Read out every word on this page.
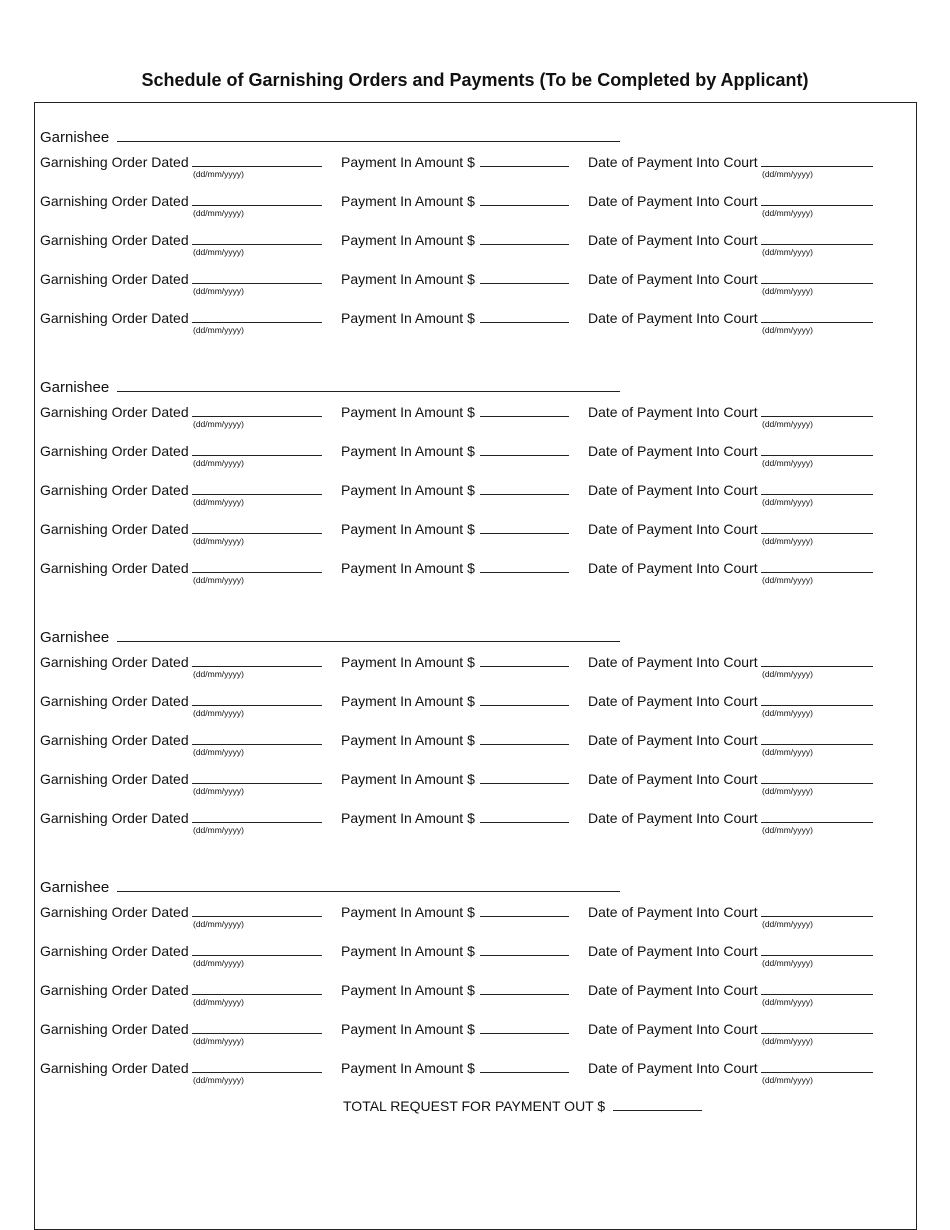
Schedule of Garnishing Orders and Payments (To be Completed by Applicant)
Garnishee
Garnishing Order Dated
(dd/mm/yyyy)
Payment In Amount $	Date of Payment Into Court
(dd/mm/yyyy)
Garnishing Order Dated
(dd/mm/yyyy)
Payment In Amount $	Date of Payment Into Court
(dd/mm/yyyy)
Garnishing Order Dated
(dd/mm/yyyy)
Payment In Amount $	Date of Payment Into Court
(dd/mm/yyyy)
Garnishing Order Dated
(dd/mm/yyyy)
Payment In Amount $	Date of Payment Into Court
(dd/mm/yyyy)
Garnishing Order Dated
(dd/mm/yyyy)
Payment In Amount $	Date of Payment Into Court
(dd/mm/yyyy)
Garnishee
Garnishing Order Dated
(dd/mm/yyyy)
Payment In Amount $	Date of Payment Into Court
(dd/mm/yyyy)
Garnishing Order Dated
(dd/mm/yyyy)
Payment In Amount $	Date of Payment Into Court
(dd/mm/yyyy)
Garnishing Order Dated
(dd/mm/yyyy)
Payment In Amount $	Date of Payment Into Court
(dd/mm/yyyy)
Garnishing Order Dated
(dd/mm/yyyy)
Payment In Amount $	Date of Payment Into Court
(dd/mm/yyyy)
Garnishing Order Dated
(dd/mm/yyyy)
Payment In Amount $	Date of Payment Into Court
(dd/mm/yyyy)
Garnishee
Garnishing Order Dated
(dd/mm/yyyy)
Payment In Amount $	Date of Payment Into Court
(dd/mm/yyyy)
Garnishing Order Dated
(dd/mm/yyyy)
Payment In Amount $	Date of Payment Into Court
(dd/mm/yyyy)
Garnishing Order Dated
(dd/mm/yyyy)
Payment In Amount $	Date of Payment Into Court
(dd/mm/yyyy)
Garnishing Order Dated
(dd/mm/yyyy)
Payment In Amount $	Date of Payment Into Court
(dd/mm/yyyy)
Garnishing Order Dated
(dd/mm/yyyy)
Payment In Amount $	Date of Payment Into Court
(dd/mm/yyyy)
Garnishee
Garnishing Order Dated
(dd/mm/yyyy)
Payment In Amount $	Date of Payment Into Court
(dd/mm/yyyy)
Garnishing Order Dated
(dd/mm/yyyy)
Payment In Amount $	Date of Payment Into Court
(dd/mm/yyyy)
Garnishing Order Dated
(dd/mm/yyyy)
Payment In Amount $	Date of Payment Into Court
(dd/mm/yyyy)
Garnishing Order Dated
(dd/mm/yyyy)
Payment In Amount $	Date of Payment Into Court
(dd/mm/yyyy)
Garnishing Order Dated
(dd/mm/yyyy)
Payment In Amount $	Date of Payment Into Court
(dd/mm/yyyy)
TOTAL REQUEST FOR PAYMENT OUT $
